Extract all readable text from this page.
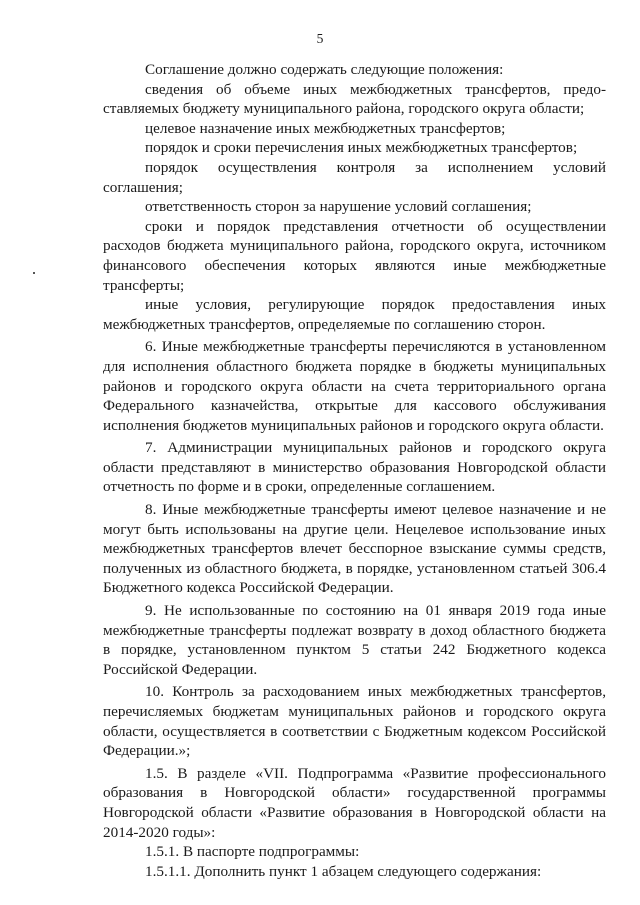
5

Соглашение должно содержать следующие положения:

сведения об объеме иных межбюджетных трансфертов, предоставляемых бюджету муниципального района, городского округа области;

целевое назначение иных межбюджетных трансфертов;

порядок и сроки перечисления иных межбюджетных трансфертов;

порядок осуществления контроля за исполнением условий соглашения;

ответственность сторон за нарушение условий соглашения;

сроки и порядок представления отчетности об осуществлении расходов бюджета муниципального района, городского округа, источником финансового обеспечения которых являются иные межбюджетные трансферты;

иные условия, регулирующие порядок предоставления иных межбюджетных трансфертов, определяемые по соглашению сторон.

6. Иные межбюджетные трансферты перечисляются в установленном для исполнения областного бюджета порядке в бюджеты муниципальных районов и городского округа области на счета территориального органа Федерального казначейства, открытые для кассового обслуживания исполнения бюджетов муниципальных районов и городского округа области.

7. Администрации муниципальных районов и городского округа области представляют в министерство образования Новгородской области отчетность по форме и в сроки, определенные соглашением.

8. Иные межбюджетные трансферты имеют целевое назначение и не могут быть использованы на другие цели. Нецелевое использование иных межбюджетных трансфертов влечет бесспорное взыскание суммы средств, полученных из областного бюджета, в порядке, установленном статьей 306.4 Бюджетного кодекса Российской Федерации.

9. Не использованные по состоянию на 01 января 2019 года иные межбюджетные трансферты подлежат возврату в доход областного бюджета в порядке, установленном пунктом 5 статьи 242 Бюджетного кодекса Российской Федерации.

10. Контроль за расходованием иных межбюджетных трансфертов, перечисляемых бюджетам муниципальных районов и городского округа области, осуществляется в соответствии с Бюджетным кодексом Российской Федерации.»;

1.5. В разделе «VII. Подпрограмма «Развитие профессионального образования в Новгородской области» государственной программы Новгородской области «Развитие образования в Новгородской области на 2014-2020 годы»:

1.5.1. В паспорте подпрограммы:

1.5.1.1. Дополнить пункт 1 абзацем следующего содержания:
